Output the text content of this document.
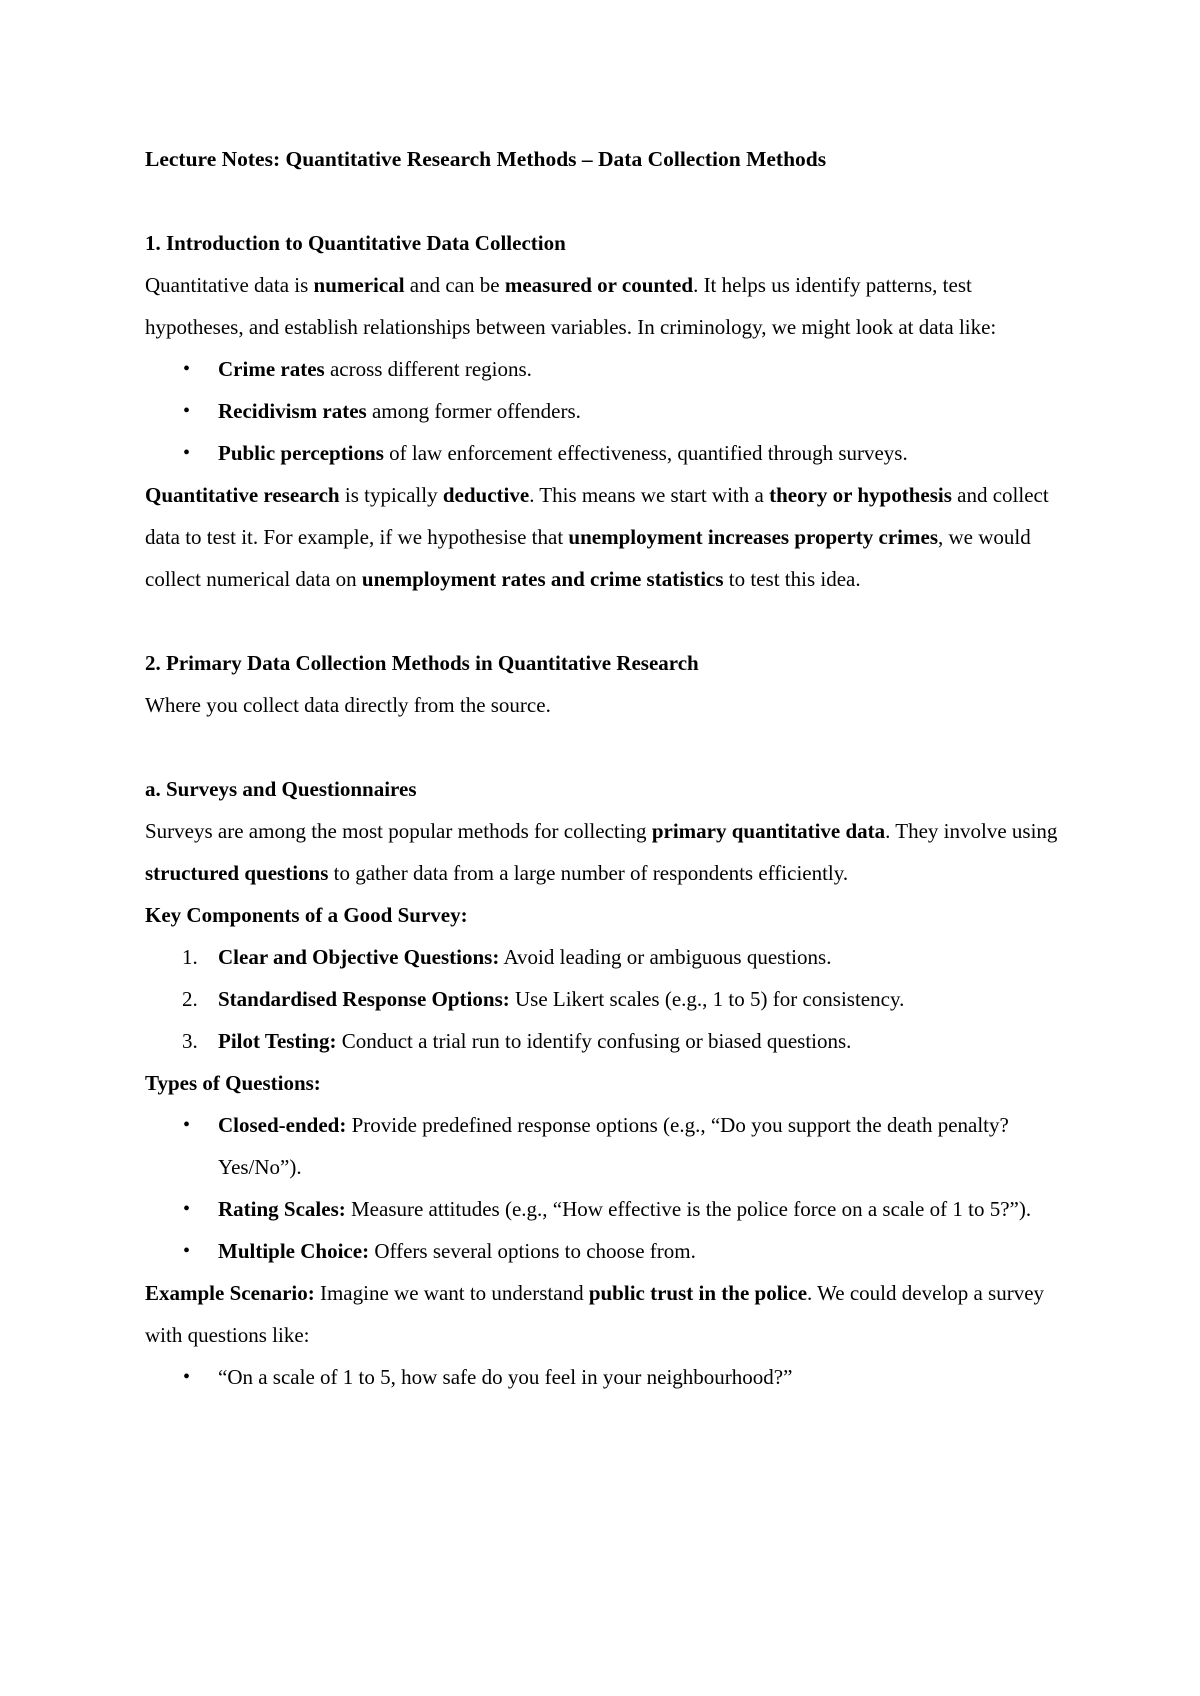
Lecture Notes: Quantitative Research Methods – Data Collection Methods

1. Introduction to Quantitative Data Collection

Quantitative data is numerical and can be measured or counted. It helps us identify patterns, test hypotheses, and establish relationships between variables. In criminology, we might look at data like:

• Crime rates across different regions.
• Recidivism rates among former offenders.
• Public perceptions of law enforcement effectiveness, quantified through surveys.

Quantitative research is typically deductive. This means we start with a theory or hypothesis and collect data to test it. For example, if we hypothesise that unemployment increases property crimes, we would collect numerical data on unemployment rates and crime statistics to test this idea.

2. Primary Data Collection Methods in Quantitative Research

Where you collect data directly from the source.

a. Surveys and Questionnaires

Surveys are among the most popular methods for collecting primary quantitative data. They involve using structured questions to gather data from a large number of respondents efficiently.

Key Components of a Good Survey:

1. Clear and Objective Questions: Avoid leading or ambiguous questions.
2. Standardised Response Options: Use Likert scales (e.g., 1 to 5) for consistency.
3. Pilot Testing: Conduct a trial run to identify confusing or biased questions.

Types of Questions:

• Closed-ended: Provide predefined response options (e.g., “Do you support the death penalty? Yes/No”).
• Rating Scales: Measure attitudes (e.g., “How effective is the police force on a scale of 1 to 5?”).
• Multiple Choice: Offers several options to choose from.

Example Scenario: Imagine we want to understand public trust in the police. We could develop a survey with questions like:

• “On a scale of 1 to 5, how safe do you feel in your neighbourhood?”
